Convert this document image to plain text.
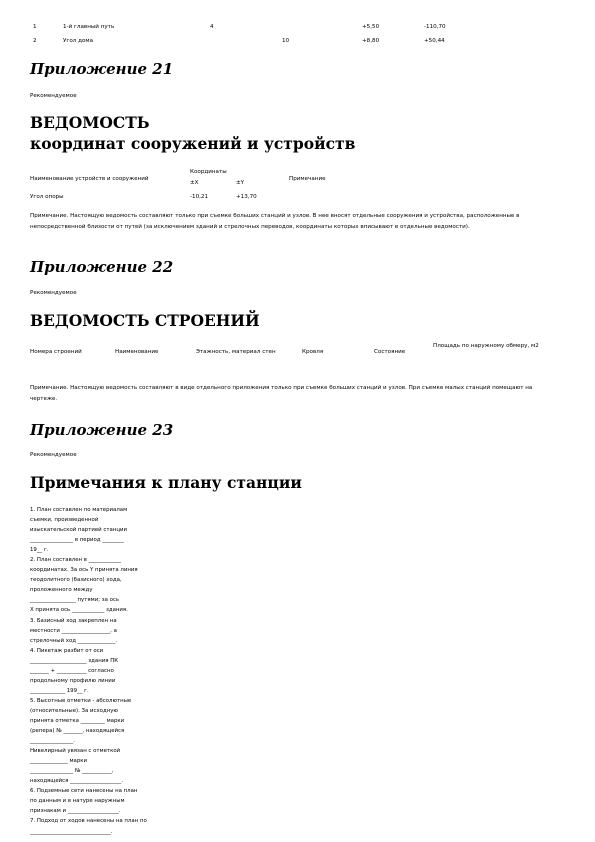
1	1-й главный путь	4	+5,50	-110,70
2	Угол дома	10	+8,80	+50,44
Приложение 21
Рекомендуемое
ВЕДОМОСТЬ
координат сооружений и устройств
Наименование устройств и сооружений
Координаты
±X	±Y
Примечание
Угол опоры	-10,21	+13,70
Примечание. Настоящую ведомость составляют только при съемке больших станций и узлов. В нее вносят отдельные сооружения и устройства, расположенные в непосредственной близости от путей (за исключением зданий и стрелочных переводов, координаты которых вписывают в отдельные ведомости).
Приложение 22
Рекомендуемое
ВЕДОМОСТЬ СТРОЕНИЙ
Номера строений	Наименование	Этажность, материал стен	Кровля	Состояние
Площадь по наружному обмеру, м2
Примечание. Настоящую ведомость составляют в виде отдельного приложения только при съемке больших станций и узлов. При съемке малых станций помещают на чертеже.
Приложение 23
Рекомендуемое
Примечания к плану станции

1. План составлен по материалам

съемки, произведенной

изыскательской партией станции

________________ в период ________

19__ г.

2. План составлен в ____________

координатах. За ось Y принята линия

теодолитного (базисного) хода,

проложенного между

_________________ путями; за ось

X принята ось ____________ здания.

3. Базисный ход закреплен на

местности __________________, а

стрелочный ход ______________.

4. Пикетаж разбит от оси

_____________________ здания ПК

_______ + ___________ согласно

продольному профилю линии

_____________ 199__ г.

5. Высотные отметки - абсолютные

(относительные). За исходную

принята отметка _________ марки

(репера) № _______, находящейся

________________.

Нивелирный увязан с отметкой

______________ марки

________________ № ___________,

находящейся ___________________.

6. Подземные сети нанесены на план

по данным и в натуре наружным

признакам и ___________________.

7. Подход от ходов нанесены на план по

______________________________.
